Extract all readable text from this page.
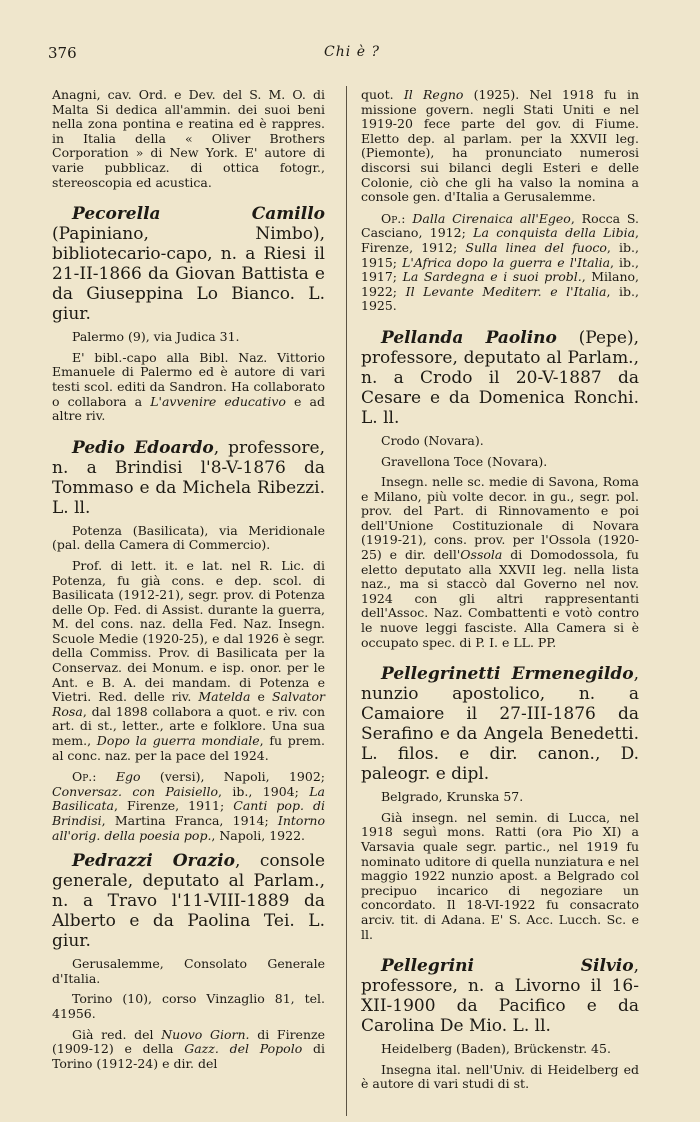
376	Chi è ?

Anagni, cav. Ord. e Dev. del S. M. O. di Malta Si dedica all'ammin. dei suoi beni nella zona pontina e reatina ed è rappres. in Italia della « Oliver Brothers Corporation » di New York. E' autore di varie pubblicaz. di ottica fotogr., stereoscopia ed acustica.

Pecorella Camillo (Papiniano, Nimbo), bibliotecario-capo, n. a Riesi il 21-II-1866 da Giovan Battista e da Giuseppina Lo Bianco. L. giur.

Palermo (9), via Judica 31.

E' bibl.-capo alla Bibl. Naz. Vittorio Emanuele di Palermo ed è autore di vari testi scol. editi da Sandron. Ha collaborato o collabora a L'avvenire educativo e ad altre riv.

Pedio Edoardo, professore, n. a Brindisi l'8-V-1876 da Tommaso e da Michela Ribezzi. L. ll.

Potenza (Basilicata), via Meridionale (pal. della Camera di Commercio).

Prof. di lett. it. e lat. nel R. Lic. di Potenza, fu già cons. e dep. scol. di Basilicata (1912-21), segr. prov. di Potenza delle Op. Fed. di Assist. durante la guerra, M. del cons. naz. della Fed. Naz. Insegn. Scuole Medie (1920-25), e dal 1926 è segr. della Commiss. Prov. di Basilicata per la Conservaz. dei Monum. e isp. onor. per le Ant. e B. A. dei mandam. di Potenza e Vietri. Red. delle riv. Matelda e Salvator Rosa, dal 1898 collabora a quot. e riv. con art. di st., letter., arte e folklore. Una sua mem., Dopo la guerra mondiale, fu prem. al conc. naz. per la pace del 1924.

Op.: Ego (versi), Napoli, 1902; Conversaz. con Paisiello, ib., 1904; La Basilicata, Firenze, 1911; Canti pop. di Brindisi, Martina Franca, 1914; Intorno all'orig. della poesia pop., Napoli, 1922.

Pedrazzi Orazio, console generale, deputato al Parlam., n. a Travo l'11-VIII-1889 da Alberto e da Paolina Tei. L. giur.

Gerusalemme, Consolato Generale d'Italia.

Torino (10), corso Vinzaglio 81, tel. 41956.

Già red. del Nuovo Giorn. di Firenze (1909-12) e della Gazz. del Popolo di Torino (1912-24) e dir. del

quot. Il Regno (1925). Nel 1918 fu in missione govern. negli Stati Uniti e nel 1919-20 fece parte del gov. di Fiume. Eletto dep. al parlam. per la XXVII leg. (Piemonte), ha pronunciato numerosi discorsi sui bilanci degli Esteri e delle Colonie, ciò che gli ha valso la nomina a console gen. d'Italia a Gerusalemme.

Op.: Dalla Cirenaica all'Egeo, Rocca S. Casciano, 1912; La conquista della Libia, Firenze, 1912; Sulla linea del fuoco, ib., 1915; L'Africa dopo la guerra e l'Italia, ib., 1917; La Sardegna e i suoi probl., Milano, 1922; Il Levante Mediterr. e l'Italia, ib., 1925.

Pellanda Paolino (Pepe), professore, deputato al Parlam., n. a Crodo il 20-V-1887 da Cesare e da Domenica Ronchi. L. ll.

Crodo (Novara).

Gravellona Toce (Novara).

Insegn. nelle sc. medie di Savona, Roma e Milano, più volte decor. in gu., segr. pol. prov. del Part. di Rinnovamento e poi dell'Unione Costituzionale di Novara (1919-21), cons. prov. per l'Ossola (1920-25) e dir. dell'Ossola di Domodossola, fu eletto deputato alla XXVII leg. nella lista naz., ma si staccò dal Governo nel nov. 1924 con gli altri rappresentanti dell'Assoc. Naz. Combattenti e votò contro le nuove leggi fasciste. Alla Camera si è occupato spec. di P. I. e LL. PP.

Pellegrinetti Ermenegildo, nunzio apostolico, n. a Camaiore il 27-III-1876 da Serafino e da Angela Benedetti. L. filos. e dir. canon., D. paleogr. e dipl.

Belgrado, Krunska 57.

Già insegn. nel semin. di Lucca, nel 1918 seguì mons. Ratti (ora Pio XI) a Varsavia quale segr. partic., nel 1919 fu nominato uditore di quella nunziatura e nel maggio 1922 nunzio apost. a Belgrado col precipuo incarico di negoziare un concordato. Il 18-VI-1922 fu consacrato arciv. tit. di Adana. E' S. Acc. Lucch. Sc. e ll.

Pellegrini Silvio, professore, n. a Livorno il 16-XII-1900 da Pacifico e da Carolina De Mio. L. ll.

Heidelberg (Baden), Brückenstr. 45.

Insegna ital. nell'Univ. di Heidelberg ed è autore di vari studi di st.
